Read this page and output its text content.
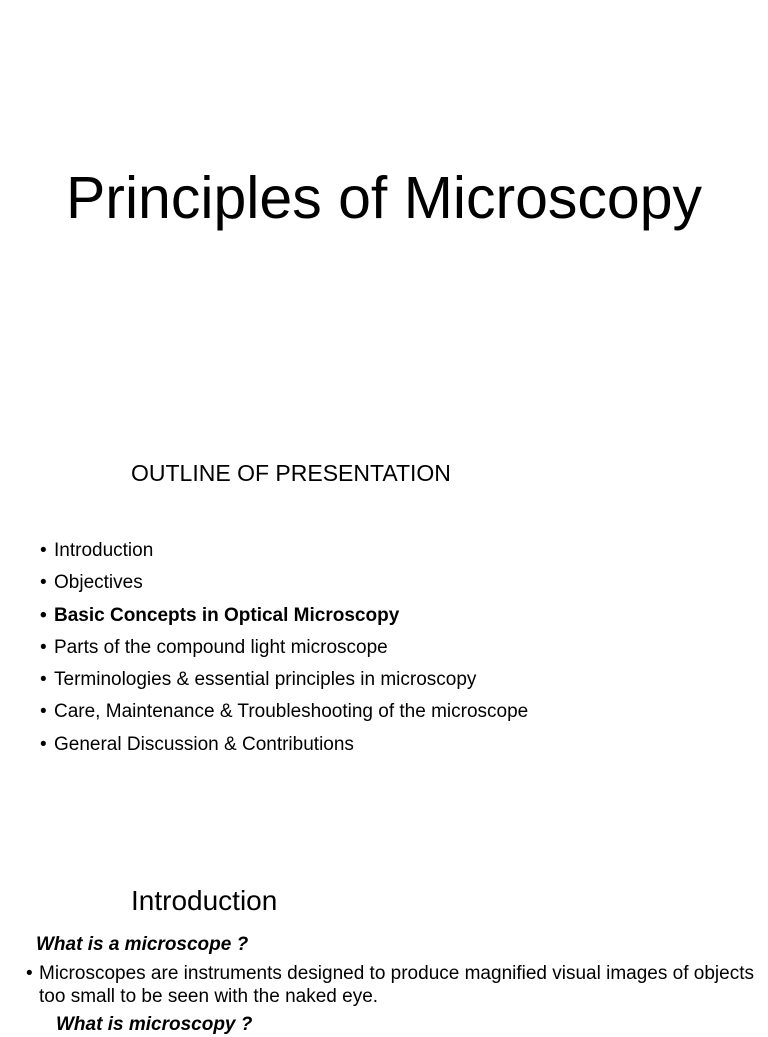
Principles of Microscopy
OUTLINE OF PRESENTATION
• Introduction
• Objectives
• Basic Concepts in Optical Microscopy
• Parts of the compound light microscope
• Terminologies & essential principles in microscopy
• Care, Maintenance & Troubleshooting of the microscope
• General Discussion & Contributions
Introduction

What is a microscope ?

• Microscopes are instruments designed to produce magnified visual images of objects too small to be seen with the naked eye.

What is microscopy ?
